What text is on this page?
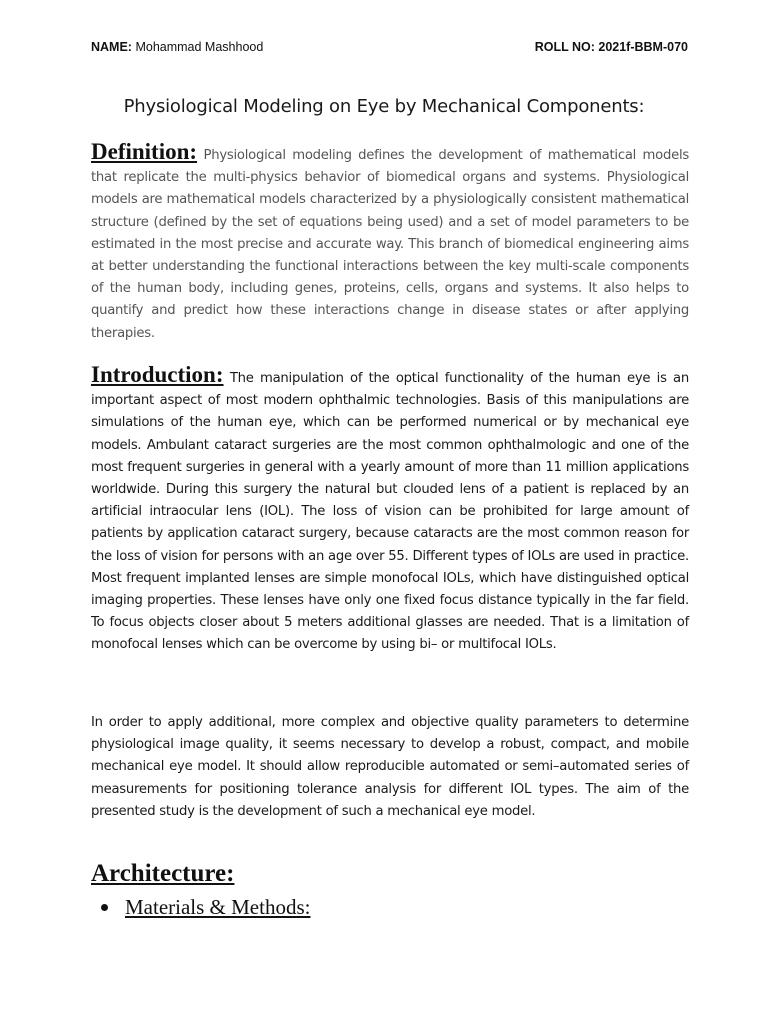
NAME: Mohammad Mashhood	ROLL NO: 2021f-BBM-070
Physiological Modeling on Eye by Mechanical Components:

Definition: Physiological modeling defines the development of mathematical models that replicate the multi-physics behavior of biomedical organs and systems. Physiological models are mathematical models characterized by a physiologically consistent mathematical structure (defined by the set of equations being used) and a set of model parameters to be estimated in the most precise and accurate way. This branch of biomedical engineering aims at better understanding the functional interactions between the key multi-scale components of the human body, including genes, proteins, cells, organs and systems. It also helps to quantify and predict how these interactions change in disease states or after applying therapies.

Introduction: The manipulation of the optical functionality of the human eye is an important aspect of most modern ophthalmic technologies. Basis of this manipulations are simulations of the human eye, which can be performed numerical or by mechanical eye models. Ambulant cataract surgeries are the most common ophthalmologic and one of the most frequent surgeries in general with a yearly amount of more than 11 million applications worldwide. During this surgery the natural but clouded lens of a patient is replaced by an artificial intraocular lens (IOL). The loss of vision can be prohibited for large amount of patients by application cataract surgery, because cataracts are the most common reason for the loss of vision for persons with an age over 55. Different types of IOLs are used in practice. Most frequent implanted lenses are simple monofocal IOLs, which have distinguished optical imaging properties. These lenses have only one fixed focus distance typically in the far field. To focus objects closer about 5 meters additional glasses are needed. That is a limitation of monofocal lenses which can be overcome by using bi– or multifocal IOLs.

In order to apply additional, more complex and objective quality parameters to determine physiological image quality, it seems necessary to develop a robust, compact, and mobile mechanical eye model. It should allow reproducible automated or semi–automated series of measurements for positioning tolerance analysis for different IOL types. The aim of the presented study is the development of such a mechanical eye model.

Architecture:
Materials & Methods:
